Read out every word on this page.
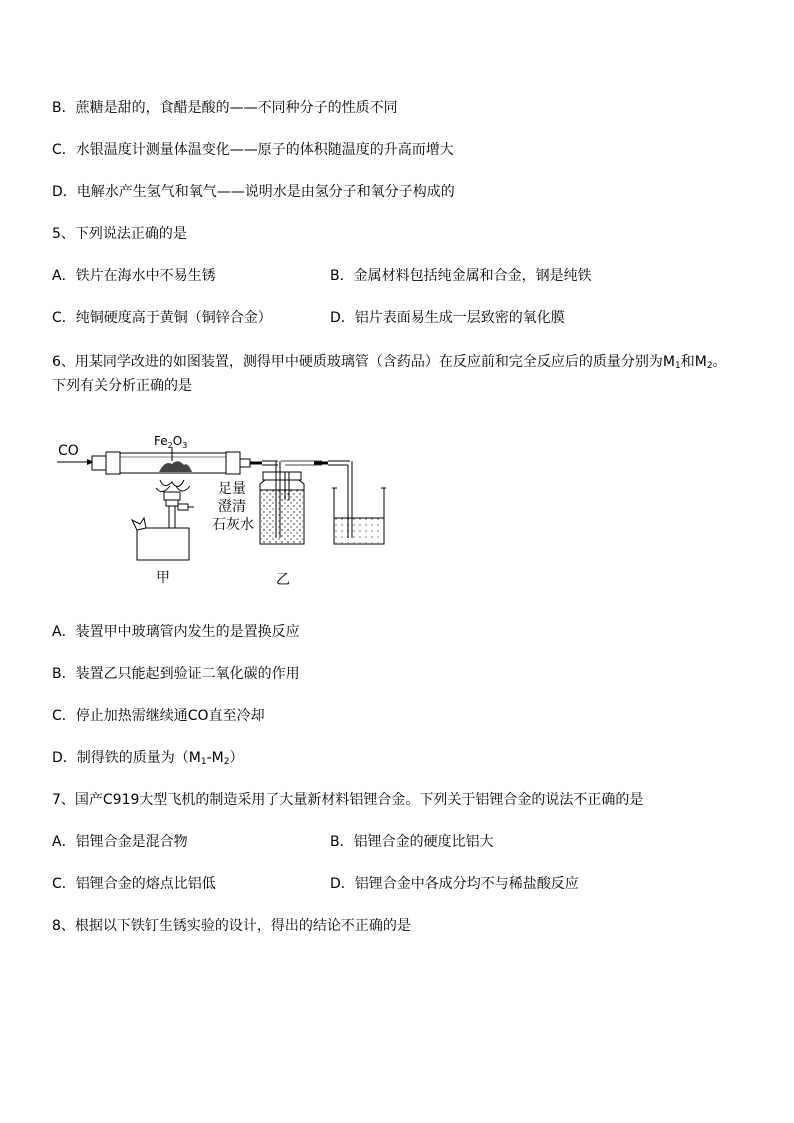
B．蔗糖是甜的，食醋是酸的——不同种分子的性质不同
C．水银温度计测量体温变化——原子的体积随温度的升高而增大
D．电解水产生氢气和氧气——说明水是由氢分子和氧分子构成的
5、下列说法正确的是
A．铁片在海水中不易生锈	B．金属材料包括纯金属和合金，钢是纯铁
C．纯铜硬度高于黄铜（铜锌合金）	D．铝片表面易生成一层致密的氧化膜
6、用某同学改进的如图装置，测得甲中硬质玻璃管（含药品）在反应前和完全反应后的质量分别为$M_1$和$M_2$。
下列有关分析正确的是
CO
$Fe_2O_3$
足量
澄清
石灰水
甲	乙
A．装置甲中玻璃管内发生的是置换反应
B．装置乙只能起到验证二氧化碳的作用
C．停止加热需继续通CO直至冷却
D．制得铁的质量为$(M_1-M_2)$
7、国产C919大型飞机的制造采用了大量新材料铝锂合金。下列关于铝锂合金的说法不正确的是
A．铝锂合金是混合物	B．铝锂合金的硬度比铝大
C．铝锂合金的熔点比铝低	D．铝锂合金中各成分均不与稀盐酸反应
8、根据以下铁钉生锈实验的设计，得出的结论不正确的是
